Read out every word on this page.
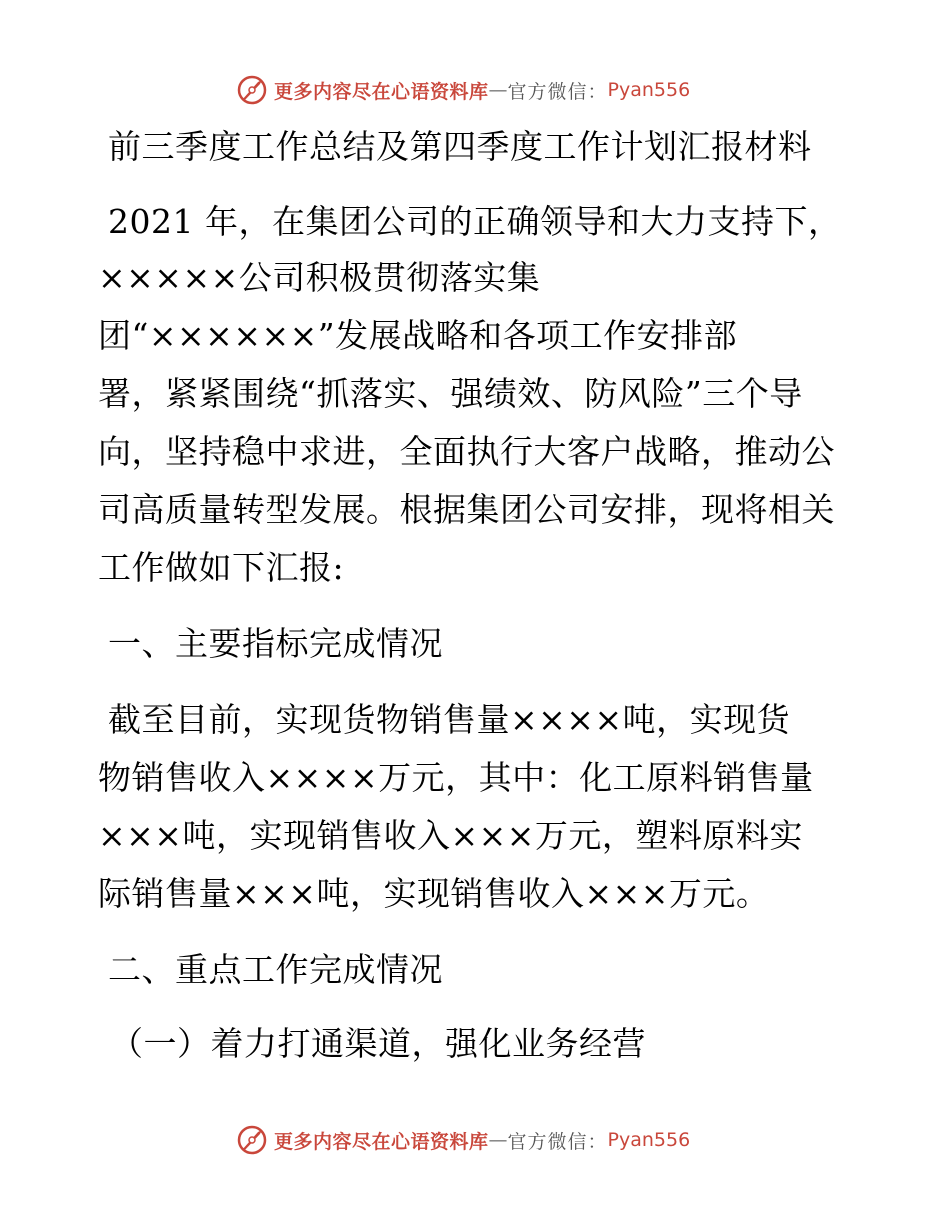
更多内容尽在心语资料库 — 官方微信： Pyan556
前三季度工作总结及第四季度工作计划汇报材料
2021 年，在集团公司的正确领导和大力支持下，
×××××公司积极贯彻落实集
团“××××××”发展战略和各项工作安排部
署，紧紧围绕“抓落实、强绩效、防风险”三个导
向，坚持稳中求进，全面执行大客户战略，推动公
司高质量转型发展。根据集团公司安排，现将相关
工作做如下汇报:
一、主要指标完成情况
截至目前，实现货物销售量××××吨，实现货
物销售收入××××万元，其中：化工原料销售量
×××吨，实现销售收入×××万元，塑料原料实
际销售量×××吨，实现销售收入×××万元。
二、重点工作完成情况
（一）着力打通渠道，强化业务经营
更多内容尽在心语资料库 — 官方微信： Pyan556
